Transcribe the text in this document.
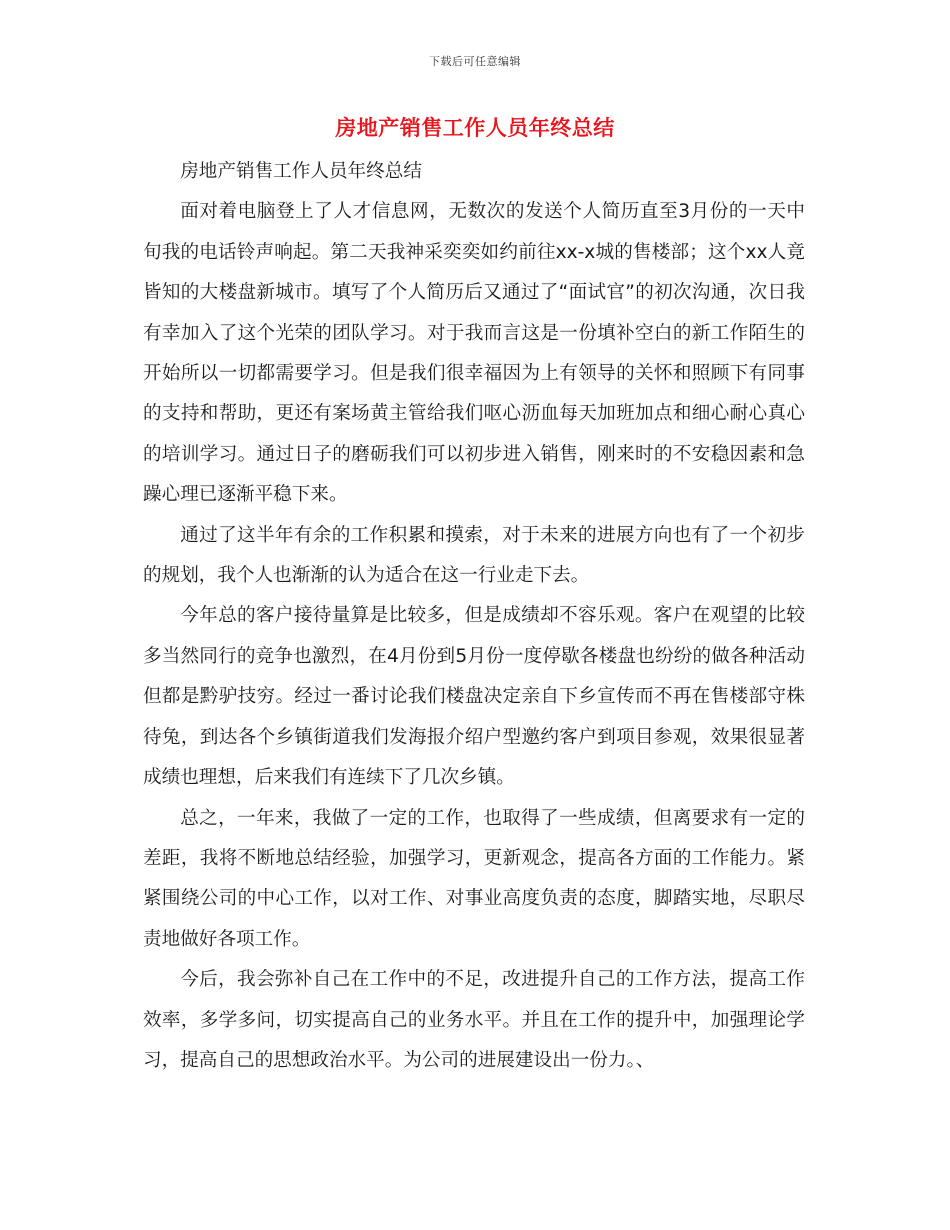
下载后可任意编辑
房地产销售工作人员年终总结

房地产销售工作人员年终总结

面对着电脑登上了人才信息网，无数次的发送个人简历直至3月份的一天中旬我的电话铃声响起。第二天我神采奕奕如约前往xx-x城的售楼部；这个xx人竟皆知的大楼盘新城市。填写了个人简历后又通过了“面试官”的初次沟通，次日我有幸加入了这个光荣的团队学习。对于我而言这是一份填补空白的新工作陌生的开始所以一切都需要学习。但是我们很幸福因为上有领导的关怀和照顾下有同事的支持和帮助，更还有案场黄主管给我们呕心沥血每天加班加点和细心耐心真心的培训学习。通过日子的磨砺我们可以初步进入销售，刚来时的不安稳因素和急躁心理已逐渐平稳下来。

通过了这半年有余的工作积累和摸索，对于未来的进展方向也有了一个初步的规划，我个人也渐渐的认为适合在这一行业走下去。

今年总的客户接待量算是比较多，但是成绩却不容乐观。客户在观望的比较多当然同行的竞争也激烈，在4月份到5月份一度停歇各楼盘也纷纷的做各种活动但都是黔驴技穷。经过一番讨论我们楼盘决定亲自下乡宣传而不再在售楼部守株待兔，到达各个乡镇街道我们发海报介绍户型邀约客户到项目参观，效果很显著成绩也理想，后来我们有连续下了几次乡镇。

总之，一年来，我做了一定的工作，也取得了一些成绩，但离要求有一定的差距，我将不断地总结经验，加强学习，更新观念，提高各方面的工作能力。紧紧围绕公司的中心工作，以对工作、对事业高度负责的态度，脚踏实地，尽职尽责地做好各项工作。

今后，我会弥补自己在工作中的不足，改进提升自己的工作方法，提高工作效率，多学多问，切实提高自己的业务水平。并且在工作的提升中，加强理论学习，提高自己的思想政治水平。为公司的进展建设出一份力。、
